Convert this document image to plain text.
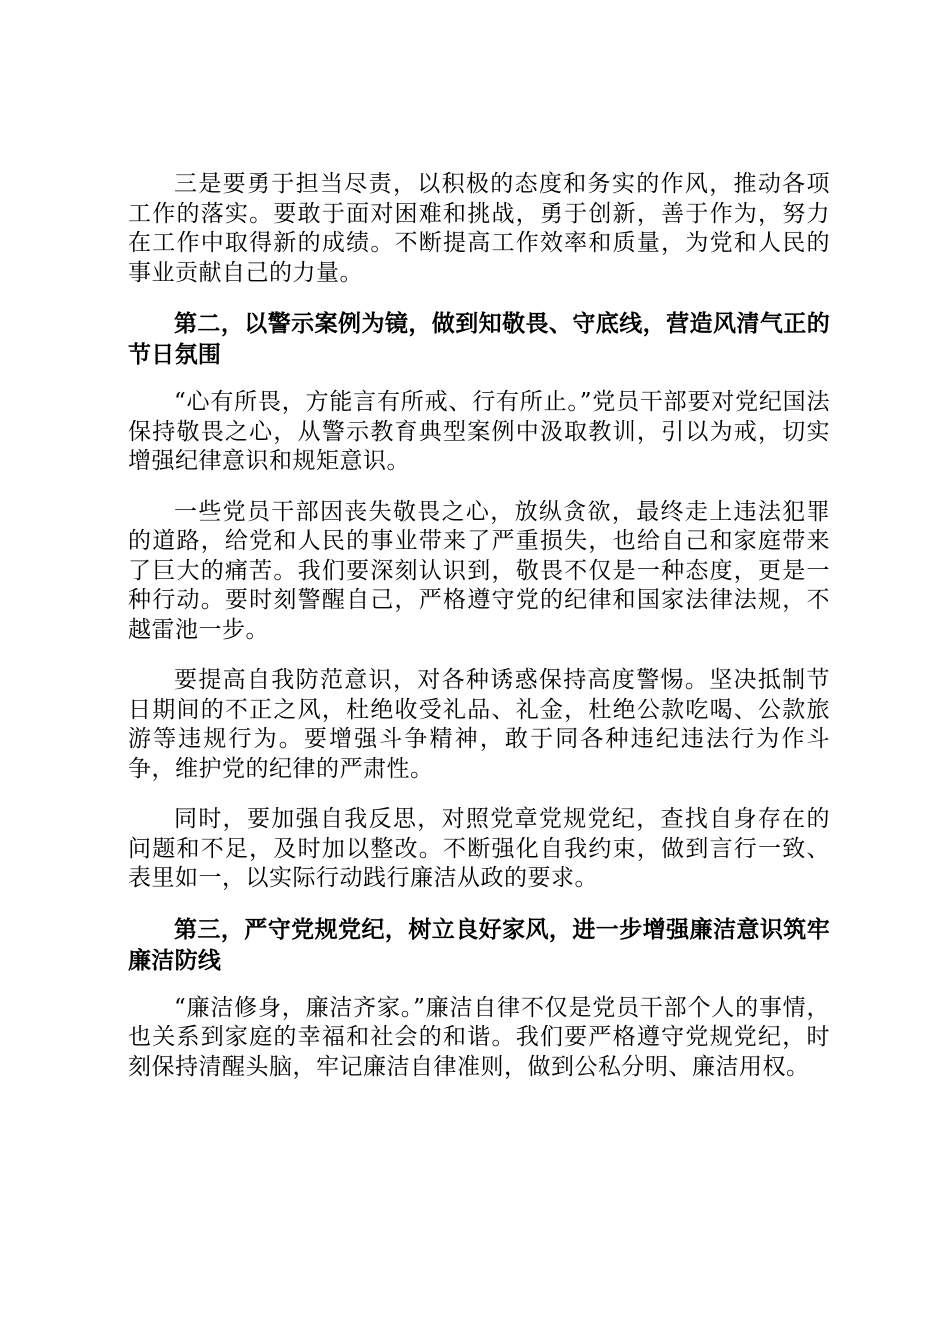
三是要勇于担当尽责，以积极的态度和务实的作风，推动各项工作的落实。要敢于面对困难和挑战，勇于创新，善于作为，努力在工作中取得新的成绩。不断提高工作效率和质量，为党和人民的事业贡献自己的力量。

第二，以警示案例为镜，做到知敬畏、守底线，营造风清气正的节日氛围

“心有所畏，方能言有所戒、行有所止。”党员干部要对党纪国法保持敬畏之心，从警示教育典型案例中汲取教训，引以为戒，切实增强纪律意识和规矩意识。

一些党员干部因丧失敬畏之心，放纵贪欲，最终走上违法犯罪的道路，给党和人民的事业带来了严重损失，也给自己和家庭带来了巨大的痛苦。我们要深刻认识到，敬畏不仅是一种态度，更是一种行动。要时刻警醒自己，严格遵守党的纪律和国家法律法规，不越雷池一步。

要提高自我防范意识，对各种诱惑保持高度警惕。坚决抵制节日期间的不正之风，杜绝收受礼品、礼金，杜绝公款吃喝、公款旅游等违规行为。要增强斗争精神，敢于同各种违纪违法行为作斗争，维护党的纪律的严肃性。

同时，要加强自我反思，对照党章党规党纪，查找自身存在的问题和不足，及时加以整改。不断强化自我约束，做到言行一致、表里如一，以实际行动践行廉洁从政的要求。

第三，严守党规党纪，树立良好家风，进一步增强廉洁意识筑牢廉洁防线

“廉洁修身，廉洁齐家。”廉洁自律不仅是党员干部个人的事情，也关系到家庭的幸福和社会的和谐。我们要严格遵守党规党纪，时刻保持清醒头脑，牢记廉洁自律准则，做到公私分明、廉洁用权。
